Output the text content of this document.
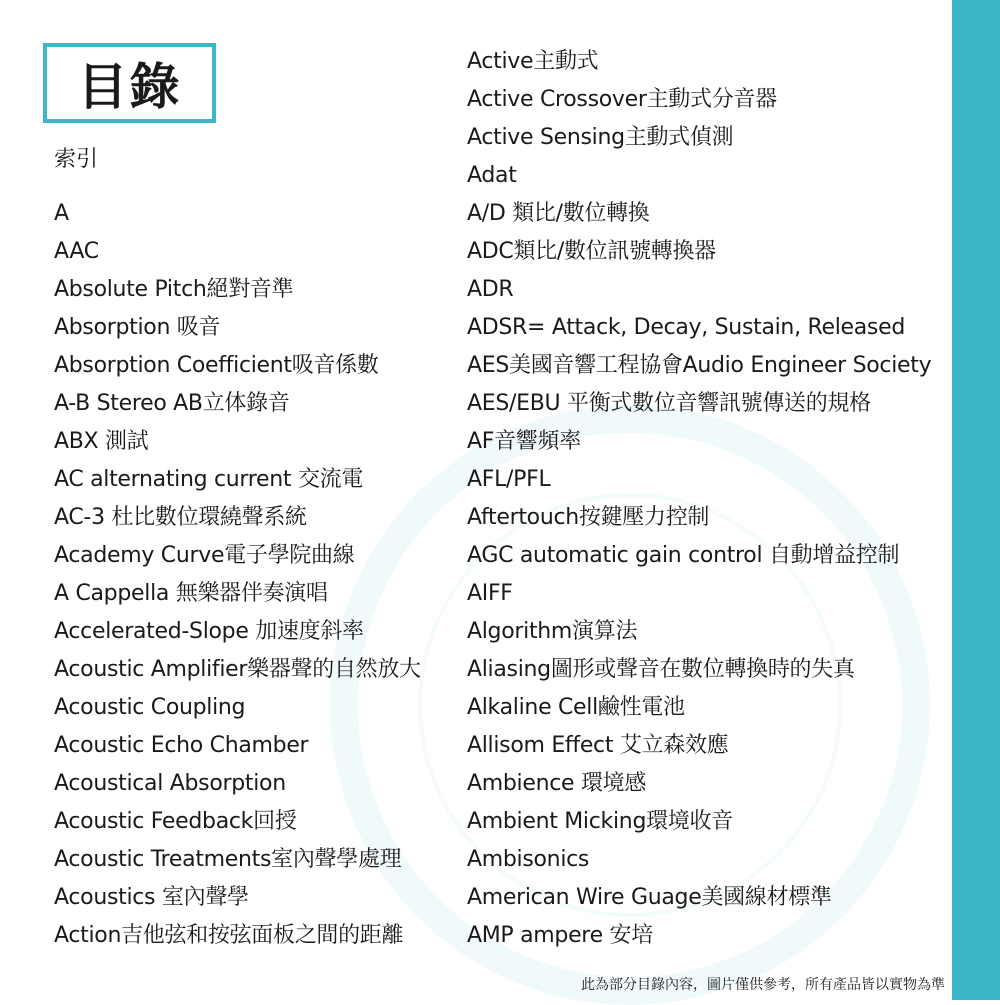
目錄
索引
A
AAC
Absolute Pitch絕對音準
Absorption 吸音
Absorption Coefficient吸音係數
A-B Stereo AB立体錄音
ABX 測試
AC alternating current 交流電
AC-3 杜比數位環繞聲系統
Academy Curve電子學院曲線
A Cappella 無樂器伴奏演唱
Accelerated-Slope 加速度斜率
Acoustic Amplifier樂器聲的自然放大
Acoustic Coupling
Acoustic Echo Chamber
Acoustical Absorption
Acoustic Feedback回授
Acoustic Treatments室內聲學處理
Acoustics 室內聲學
Action吉他弦和按弦面板之間的距離
Active主動式
Active Crossover主動式分音器
Active Sensing主動式偵測
Adat
A/D 類比/數位轉換
ADC類比/數位訊號轉換器
ADR
ADSR= Attack, Decay, Sustain, Released
AES美國音響工程協會Audio Engineer Society
AES/EBU 平衡式數位音響訊號傳送的規格
AF音響頻率
AFL/PFL
Aftertouch按鍵壓力控制
AGC automatic gain control 自動增益控制
AIFF
Algorithm演算法
Aliasing圖形或聲音在數位轉換時的失真
Alkaline Cell鹼性電池
Allisom Effect 艾立森效應
Ambience 環境感
Ambient Micking環境收音
Ambisonics
American Wire Guage美國線材標準
AMP ampere 安培
此為部分目錄內容，圖片僅供參考，所有產品皆以實物為準
